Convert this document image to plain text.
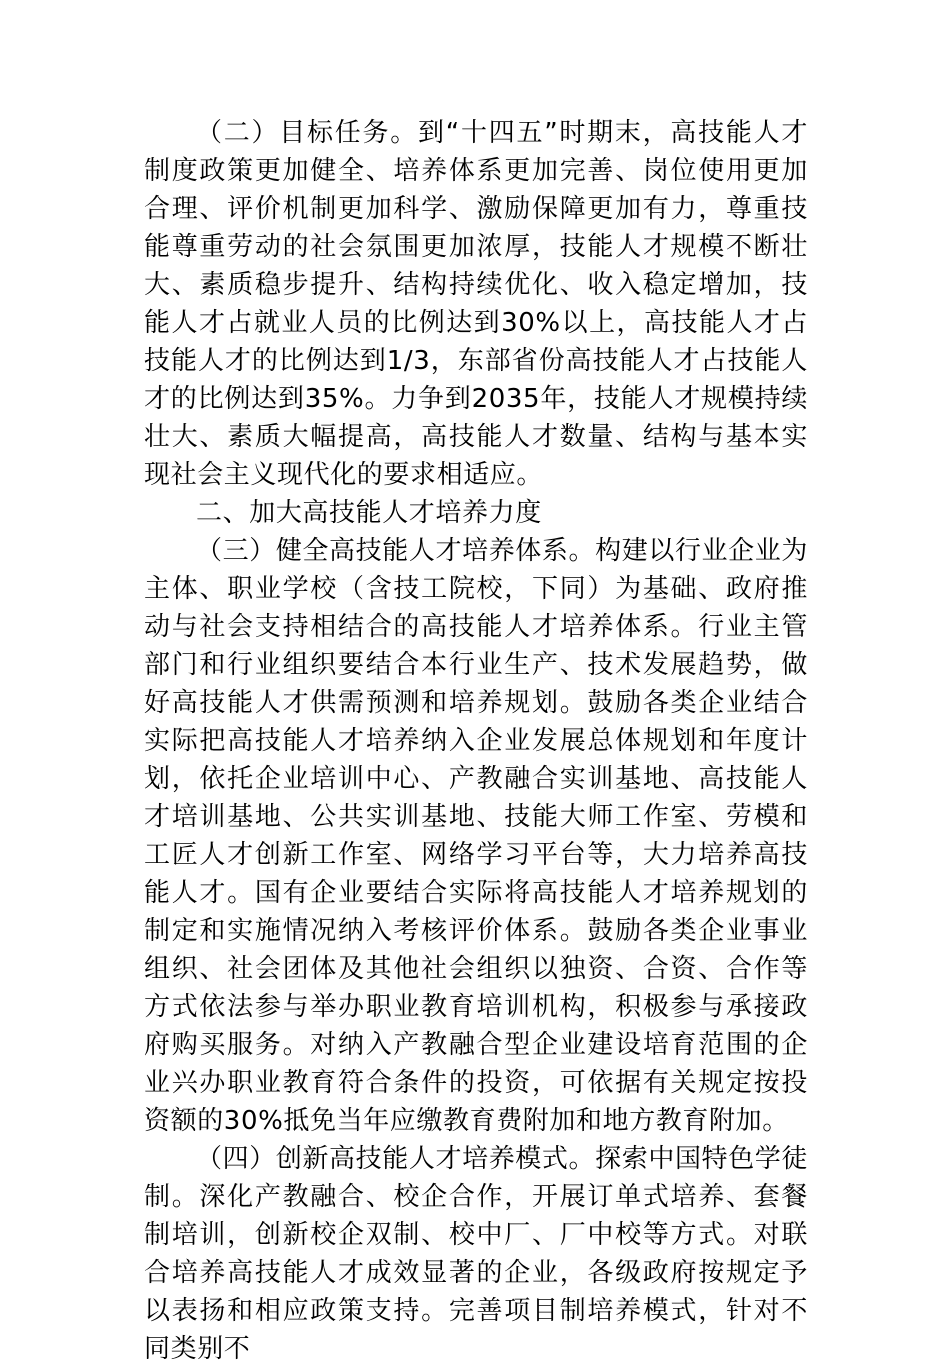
（二）目标任务。到“十四五”时期末，高技能人才制度政策更加健全、培养体系更加完善、岗位使用更加合理、评价机制更加科学、激励保障更加有力，尊重技能尊重劳动的社会氛围更加浓厚，技能人才规模不断壮大、素质稳步提升、结构持续优化、收入稳定增加，技能人才占就业人员的比例达到30%以上，高技能人才占技能人才的比例达到1/3，东部省份高技能人才占技能人才的比例达到35%。力争到2035年，技能人才规模持续壮大、素质大幅提高，高技能人才数量、结构与基本实现社会主义现代化的要求相适应。

二、加大高技能人才培养力度

（三）健全高技能人才培养体系。构建以行业企业为主体、职业学校（含技工院校，下同）为基础、政府推动与社会支持相结合的高技能人才培养体系。行业主管部门和行业组织要结合本行业生产、技术发展趋势，做好高技能人才供需预测和培养规划。鼓励各类企业结合实际把高技能人才培养纳入企业发展总体规划和年度计划，依托企业培训中心、产教融合实训基地、高技能人才培训基地、公共实训基地、技能大师工作室、劳模和工匠人才创新工作室、网络学习平台等，大力培养高技能人才。国有企业要结合实际将高技能人才培养规划的制定和实施情况纳入考核评价体系。鼓励各类企业事业组织、社会团体及其他社会组织以独资、合资、合作等方式依法参与举办职业教育培训机构，积极参与承接政府购买服务。对纳入产教融合型企业建设培育范围的企业兴办职业教育符合条件的投资，可依据有关规定按投资额的30%抵免当年应缴教育费附加和地方教育附加。

（四）创新高技能人才培养模式。探索中国特色学徒制。深化产教融合、校企合作，开展订单式培养、套餐制培训，创新校企双制、校中厂、厂中校等方式。对联合培养高技能人才成效显著的企业，各级政府按规定予以表扬和相应政策支持。完善项目制培养模式，针对不同类别不
